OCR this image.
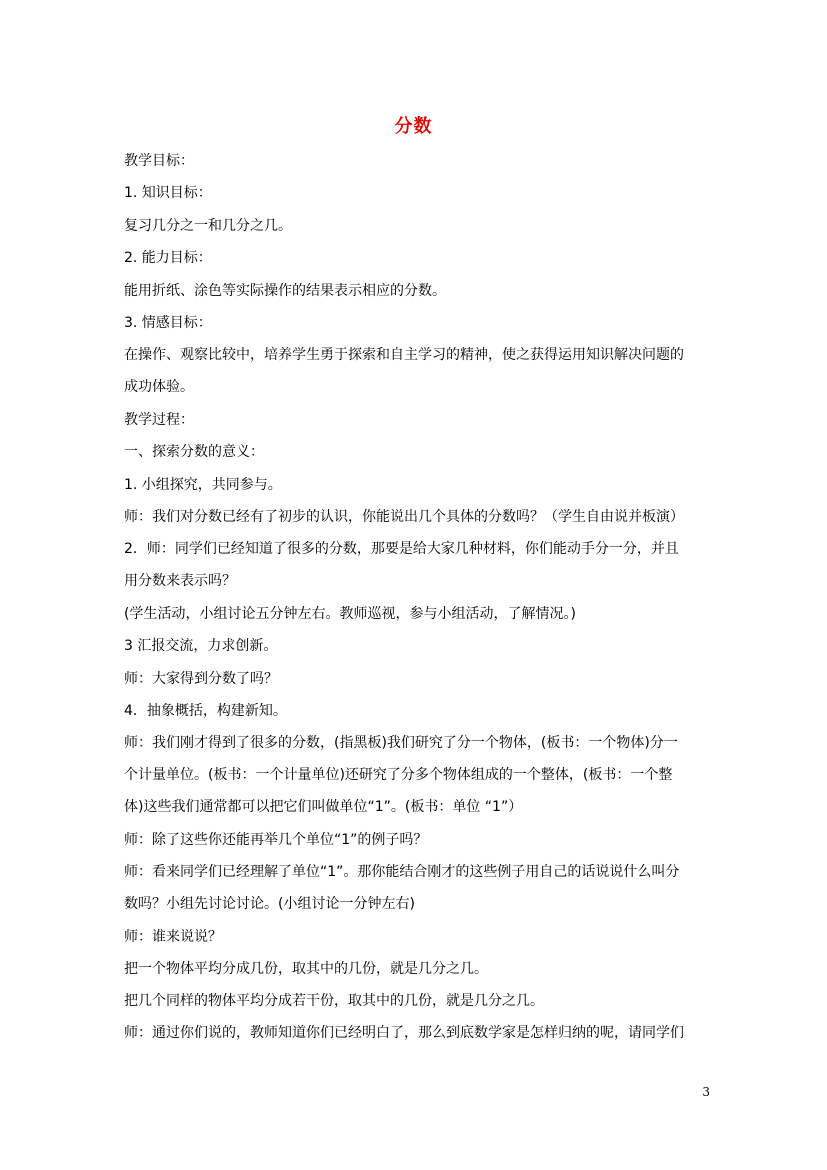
分数
教学目标：
1. 知识目标：
复习几分之一和几分之几。
2. 能力目标：
能用折纸、涂色等实际操作的结果表示相应的分数。
3. 情感目标：
在操作、观察比较中，培养学生勇于探索和自主学习的精神，使之获得运用知识解决问题的
成功体验。
教学过程：
一、探索分数的意义：
1. 小组探究，共同参与。
师：我们对分数已经有了初步的认识，你能说出几个具体的分数吗？（学生自由说并板演）
2．师：同学们已经知道了很多的分数，那要是给大家几种材料，你们能动手分一分，并且
用分数来表示吗？
(学生活动，小组讨论五分钟左右。教师巡视，参与小组活动，了解情况。)
3 汇报交流，力求创新。
师：大家得到分数了吗？
4．抽象概括，构建新知。
师：我们刚才得到了很多的分数，(指黑板)我们研究了分一个物体，(板书：一个物体)分一
个计量单位。(板书：一个计量单位)还研究了分多个物体组成的一个整体，(板书：一个整
体)这些我们通常都可以把它们叫做单位“1”。(板书：单位 “1”）
师：除了这些你还能再举几个单位“1”的例子吗？
师：看来同学们已经理解了单位“1”。那你能结合刚才的这些例子用自己的话说说什么叫分
数吗？小组先讨论讨论。(小组讨论一分钟左右)
师：谁来说说？
把一个物体平均分成几份，取其中的几份，就是几分之几。
把几个同样的物体平均分成若干份，取其中的几份，就是几分之几。
师：通过你们说的，教师知道你们已经明白了，那么到底数学家是怎样归纳的呢，请同学们
3
